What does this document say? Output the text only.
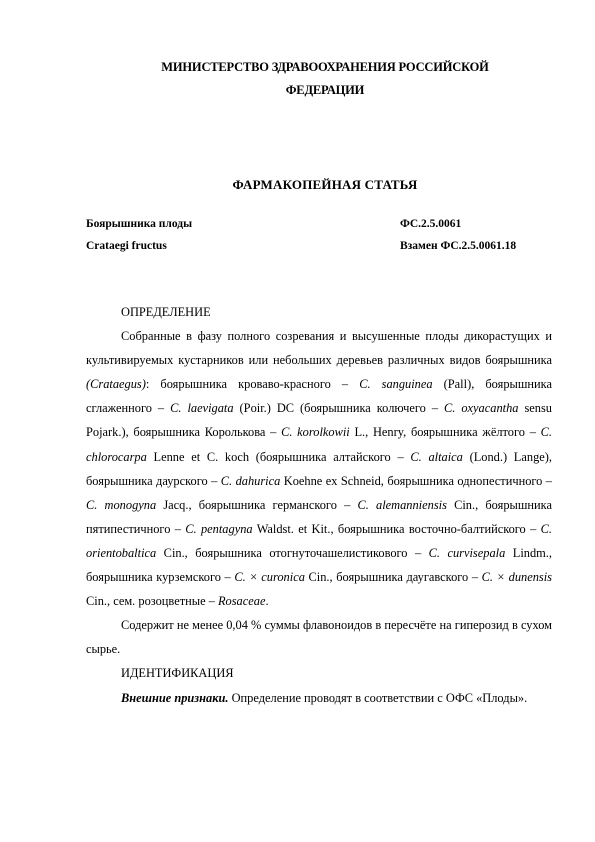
МИНИСТЕРСТВО ЗДРАВООХРАНЕНИЯ РОССИЙСКОЙ
ФЕДЕРАЦИИ
ФАРМАКОПЕЙНАЯ СТАТЬЯ
Боярышника плоды	ФС.2.5.0061
Crataegi fructus	Взамен ФС.2.5.0061.18

ОПРЕДЕЛЕНИЕ

Собранные в фазу полного созревания и высушенные плоды дикорастущих и культивируемых кустарников или небольших деревьев различных видов боярышника (Crataegus): боярышника кроваво-красного – C. sanguinea (Pall), боярышника сглаженного – C. laevigata (Poir.) DC (боярышника колючего – C. oxyacantha sensu Pojark.), боярышника Королькова – C. korolkowii L., Henry, боярышника жёлтого – C. chlorocarpa Lenne et C. koch (боярышника алтайского – C. altaica (Lond.) Lange), боярышника даурского – C. dahurica Koehne ex Schneid, боярышника однопестичного – C. monogyna Jacq., боярышника германского – C. alemanniensis Cin., боярышника пятипестичного – C. pentagyna Waldst. et Kit., боярышника восточно-балтийского – C. orientobaltica Cin., боярышника отогнуточашелистикового – C. curvisepala Lindm., боярышника курземского – C. × curonica Cin., боярышника даугавского – C. × dunensis Cin., сем. розоцветные – Rosaceae.

Содержит не менее 0,04 % суммы флавоноидов в пересчёте на гиперозид в сухом сырье.

ИДЕНТИФИКАЦИЯ

Внешние признаки. Определение проводят в соответствии с ОФС «Плоды».
